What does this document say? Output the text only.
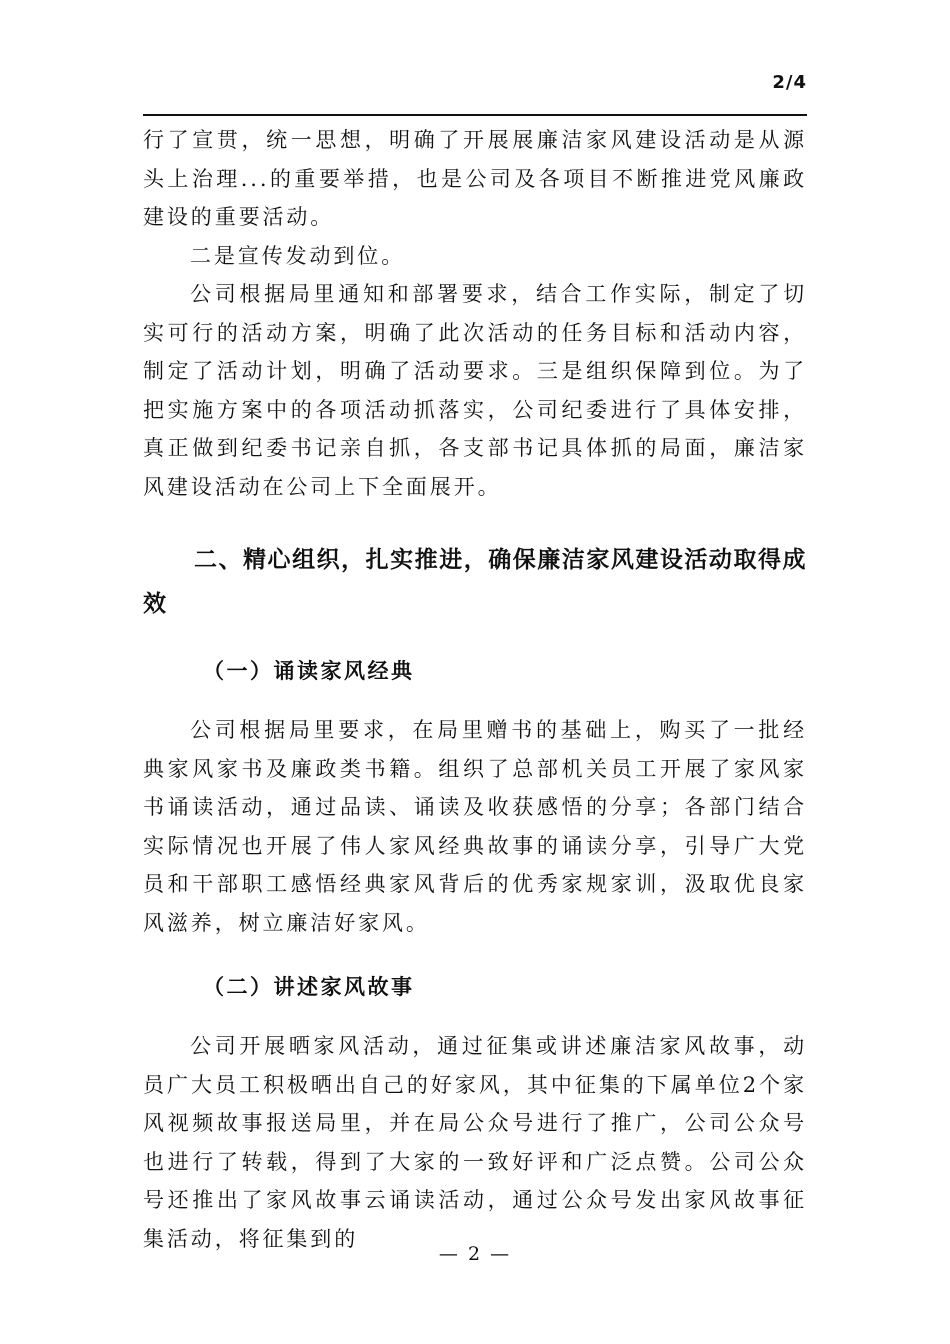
2/4

行了宣贯，统一思想，明确了开展展廉洁家风建设活动是从源头上治理...的重要举措，也是公司及各项目不断推进党风廉政建设的重要活动。

二是宣传发动到位。

公司根据局里通知和部署要求，结合工作实际，制定了切实可行的活动方案，明确了此次活动的任务目标和活动内容，制定了活动计划，明确了活动要求。三是组织保障到位。为了把实施方案中的各项活动抓落实，公司纪委进行了具体安排，真正做到纪委书记亲自抓，各支部书记具体抓的局面，廉洁家风建设活动在公司上下全面展开。

二、精心组织，扎实推进，确保廉洁家风建设活动取得成效
（一）诵读家风经典

公司根据局里要求，在局里赠书的基础上，购买了一批经典家风家书及廉政类书籍。组织了总部机关员工开展了家风家书诵读活动，通过品读、诵读及收获感悟的分享；各部门结合实际情况也开展了伟人家风经典故事的诵读分享，引导广大党员和干部职工感悟经典家风背后的优秀家规家训，汲取优良家风滋养，树立廉洁好家风。

（二）讲述家风故事

公司开展晒家风活动，通过征集或讲述廉洁家风故事，动员广大员工积极晒出自己的好家风，其中征集的下属单位2个家风视频故事报送局里，并在局公众号进行了推广，公司公众号也进行了转载，得到了大家的一致好评和广泛点赞。公司公众号还推出了家风故事云诵读活动，通过公众号发出家风故事征集活动，将征集到的

— 2 —
